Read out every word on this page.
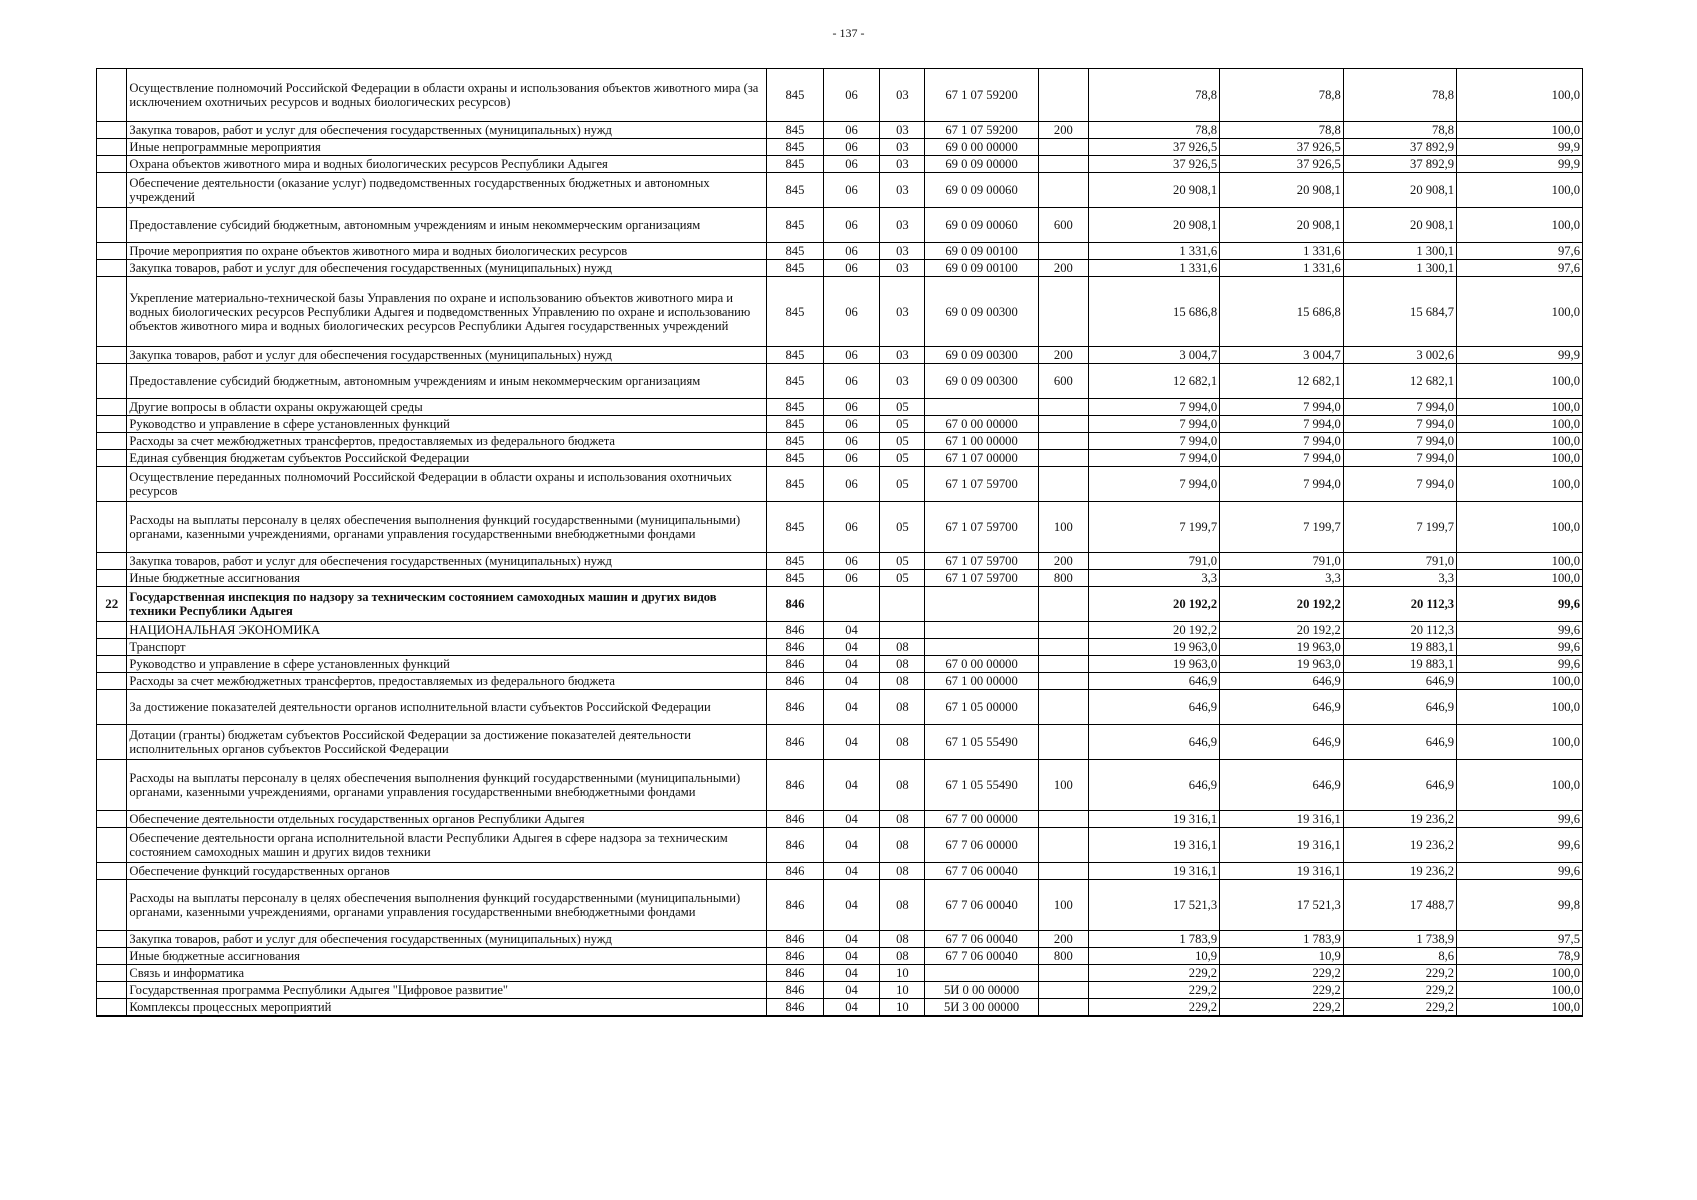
- 137 -
	Осуществление полномочий Российской Федерации в области охраны и использования объектов животного мира (за исключением охотничьих ресурсов и водных биологических ресурсов)	845	06	03	67 1 07 59200		78,8	78,8	78,8	100,0
	Закупка товаров, работ и услуг для обеспечения государственных (муниципальных) нужд	845	06	03	67 1 07 59200	200	78,8	78,8	78,8	100,0
	Иные непрограммные мероприятия	845	06	03	69 0 00 00000		37 926,5	37 926,5	37 892,9	99,9
	Охрана объектов животного мира и водных биологических ресурсов Республики Адыгея	845	06	03	69 0 09 00000		37 926,5	37 926,5	37 892,9	99,9
	Обеспечение деятельности (оказание услуг) подведомственных государственных бюджетных и автономных учреждений	845	06	03	69 0 09 00060		20 908,1	20 908,1	20 908,1	100,0
	Предоставление субсидий бюджетным, автономным учреждениям и иным некоммерческим организациям	845	06	03	69 0 09 00060	600	20 908,1	20 908,1	20 908,1	100,0
	Прочие мероприятия по охране объектов животного мира и водных биологических ресурсов	845	06	03	69 0 09 00100		1 331,6	1 331,6	1 300,1	97,6
	Закупка товаров, работ и услуг для обеспечения государственных (муниципальных) нужд	845	06	03	69 0 09 00100	200	1 331,6	1 331,6	1 300,1	97,6
	Укрепление материально-технической базы Управления по охране и использованию объектов животного мира и водных биологических ресурсов Республики Адыгея и подведомственных Управлению по охране и использованию объектов животного мира и водных биологических ресурсов Республики Адыгея государственных учреждений	845	06	03	69 0 09 00300		15 686,8	15 686,8	15 684,7	100,0
	Закупка товаров, работ и услуг для обеспечения государственных (муниципальных) нужд	845	06	03	69 0 09 00300	200	3 004,7	3 004,7	3 002,6	99,9
	Предоставление субсидий бюджетным, автономным учреждениям и иным некоммерческим организациям	845	06	03	69 0 09 00300	600	12 682,1	12 682,1	12 682,1	100,0
	Другие вопросы в области охраны окружающей среды	845	06	05			7 994,0	7 994,0	7 994,0	100,0
	Руководство и управление в сфере установленных функций	845	06	05	67 0 00 00000		7 994,0	7 994,0	7 994,0	100,0
	Расходы за счет межбюджетных трансфертов, предоставляемых из федерального бюджета	845	06	05	67 1 00 00000		7 994,0	7 994,0	7 994,0	100,0
	Единая субвенция бюджетам субъектов Российской Федерации	845	06	05	67 1 07 00000		7 994,0	7 994,0	7 994,0	100,0
	Осуществление переданных полномочий Российской Федерации в области охраны и использования охотничьих ресурсов	845	06	05	67 1 07 59700		7 994,0	7 994,0	7 994,0	100,0
	Расходы на выплаты персоналу в целях обеспечения выполнения функций государственными (муниципальными) органами, казенными учреждениями, органами управления государственными внебюджетными фондами	845	06	05	67 1 07 59700	100	7 199,7	7 199,7	7 199,7	100,0
	Закупка товаров, работ и услуг для обеспечения государственных (муниципальных) нужд	845	06	05	67 1 07 59700	200	791,0	791,0	791,0	100,0
	Иные бюджетные ассигнования	845	06	05	67 1 07 59700	800	3,3	3,3	3,3	100,0
22	Государственная инспекция по надзору за техническим состоянием самоходных машин и других видов техники Республики Адыгея	846					20 192,2	20 192,2	20 112,3	99,6
	НАЦИОНАЛЬНАЯ ЭКОНОМИКА	846	04				20 192,2	20 192,2	20 112,3	99,6
	Транспорт	846	04	08			19 963,0	19 963,0	19 883,1	99,6
	Руководство и управление в сфере установленных функций	846	04	08	67 0 00 00000		19 963,0	19 963,0	19 883,1	99,6
	Расходы за счет межбюджетных трансфертов, предоставляемых из федерального бюджета	846	04	08	67 1 00 00000		646,9	646,9	646,9	100,0
	За достижение показателей деятельности органов исполнительной власти субъектов Российской Федерации	846	04	08	67 1 05 00000		646,9	646,9	646,9	100,0
	Дотации (гранты) бюджетам субъектов Российской Федерации за достижение показателей деятельности исполнительных органов субъектов Российской Федерации	846	04	08	67 1 05 55490		646,9	646,9	646,9	100,0
	Расходы на выплаты персоналу в целях обеспечения выполнения функций государственными (муниципальными) органами, казенными учреждениями, органами управления государственными внебюджетными фондами	846	04	08	67 1 05 55490	100	646,9	646,9	646,9	100,0
	Обеспечение деятельности отдельных государственных органов Республики Адыгея	846	04	08	67 7 00 00000		19 316,1	19 316,1	19 236,2	99,6
	Обеспечение деятельности органа исполнительной власти Республики Адыгея в сфере надзора за техническим состоянием самоходных машин и других видов техники	846	04	08	67 7 06 00000		19 316,1	19 316,1	19 236,2	99,6
	Обеспечение функций государственных органов	846	04	08	67 7 06 00040		19 316,1	19 316,1	19 236,2	99,6
	Расходы на выплаты персоналу в целях обеспечения выполнения функций государственными (муниципальными) органами, казенными учреждениями, органами управления государственными внебюджетными фондами	846	04	08	67 7 06 00040	100	17 521,3	17 521,3	17 488,7	99,8
	Закупка товаров, работ и услуг для обеспечения государственных (муниципальных) нужд	846	04	08	67 7 06 00040	200	1 783,9	1 783,9	1 738,9	97,5
	Иные бюджетные ассигнования	846	04	08	67 7 06 00040	800	10,9	10,9	8,6	78,9
	Связь и информатика	846	04	10			229,2	229,2	229,2	100,0
	Государственная программа Республики Адыгея "Цифровое развитие"	846	04	10	5И 0 00 00000		229,2	229,2	229,2	100,0
	Комплексы процессных мероприятий	846	04	10	5И 3 00 00000		229,2	229,2	229,2	100,0
